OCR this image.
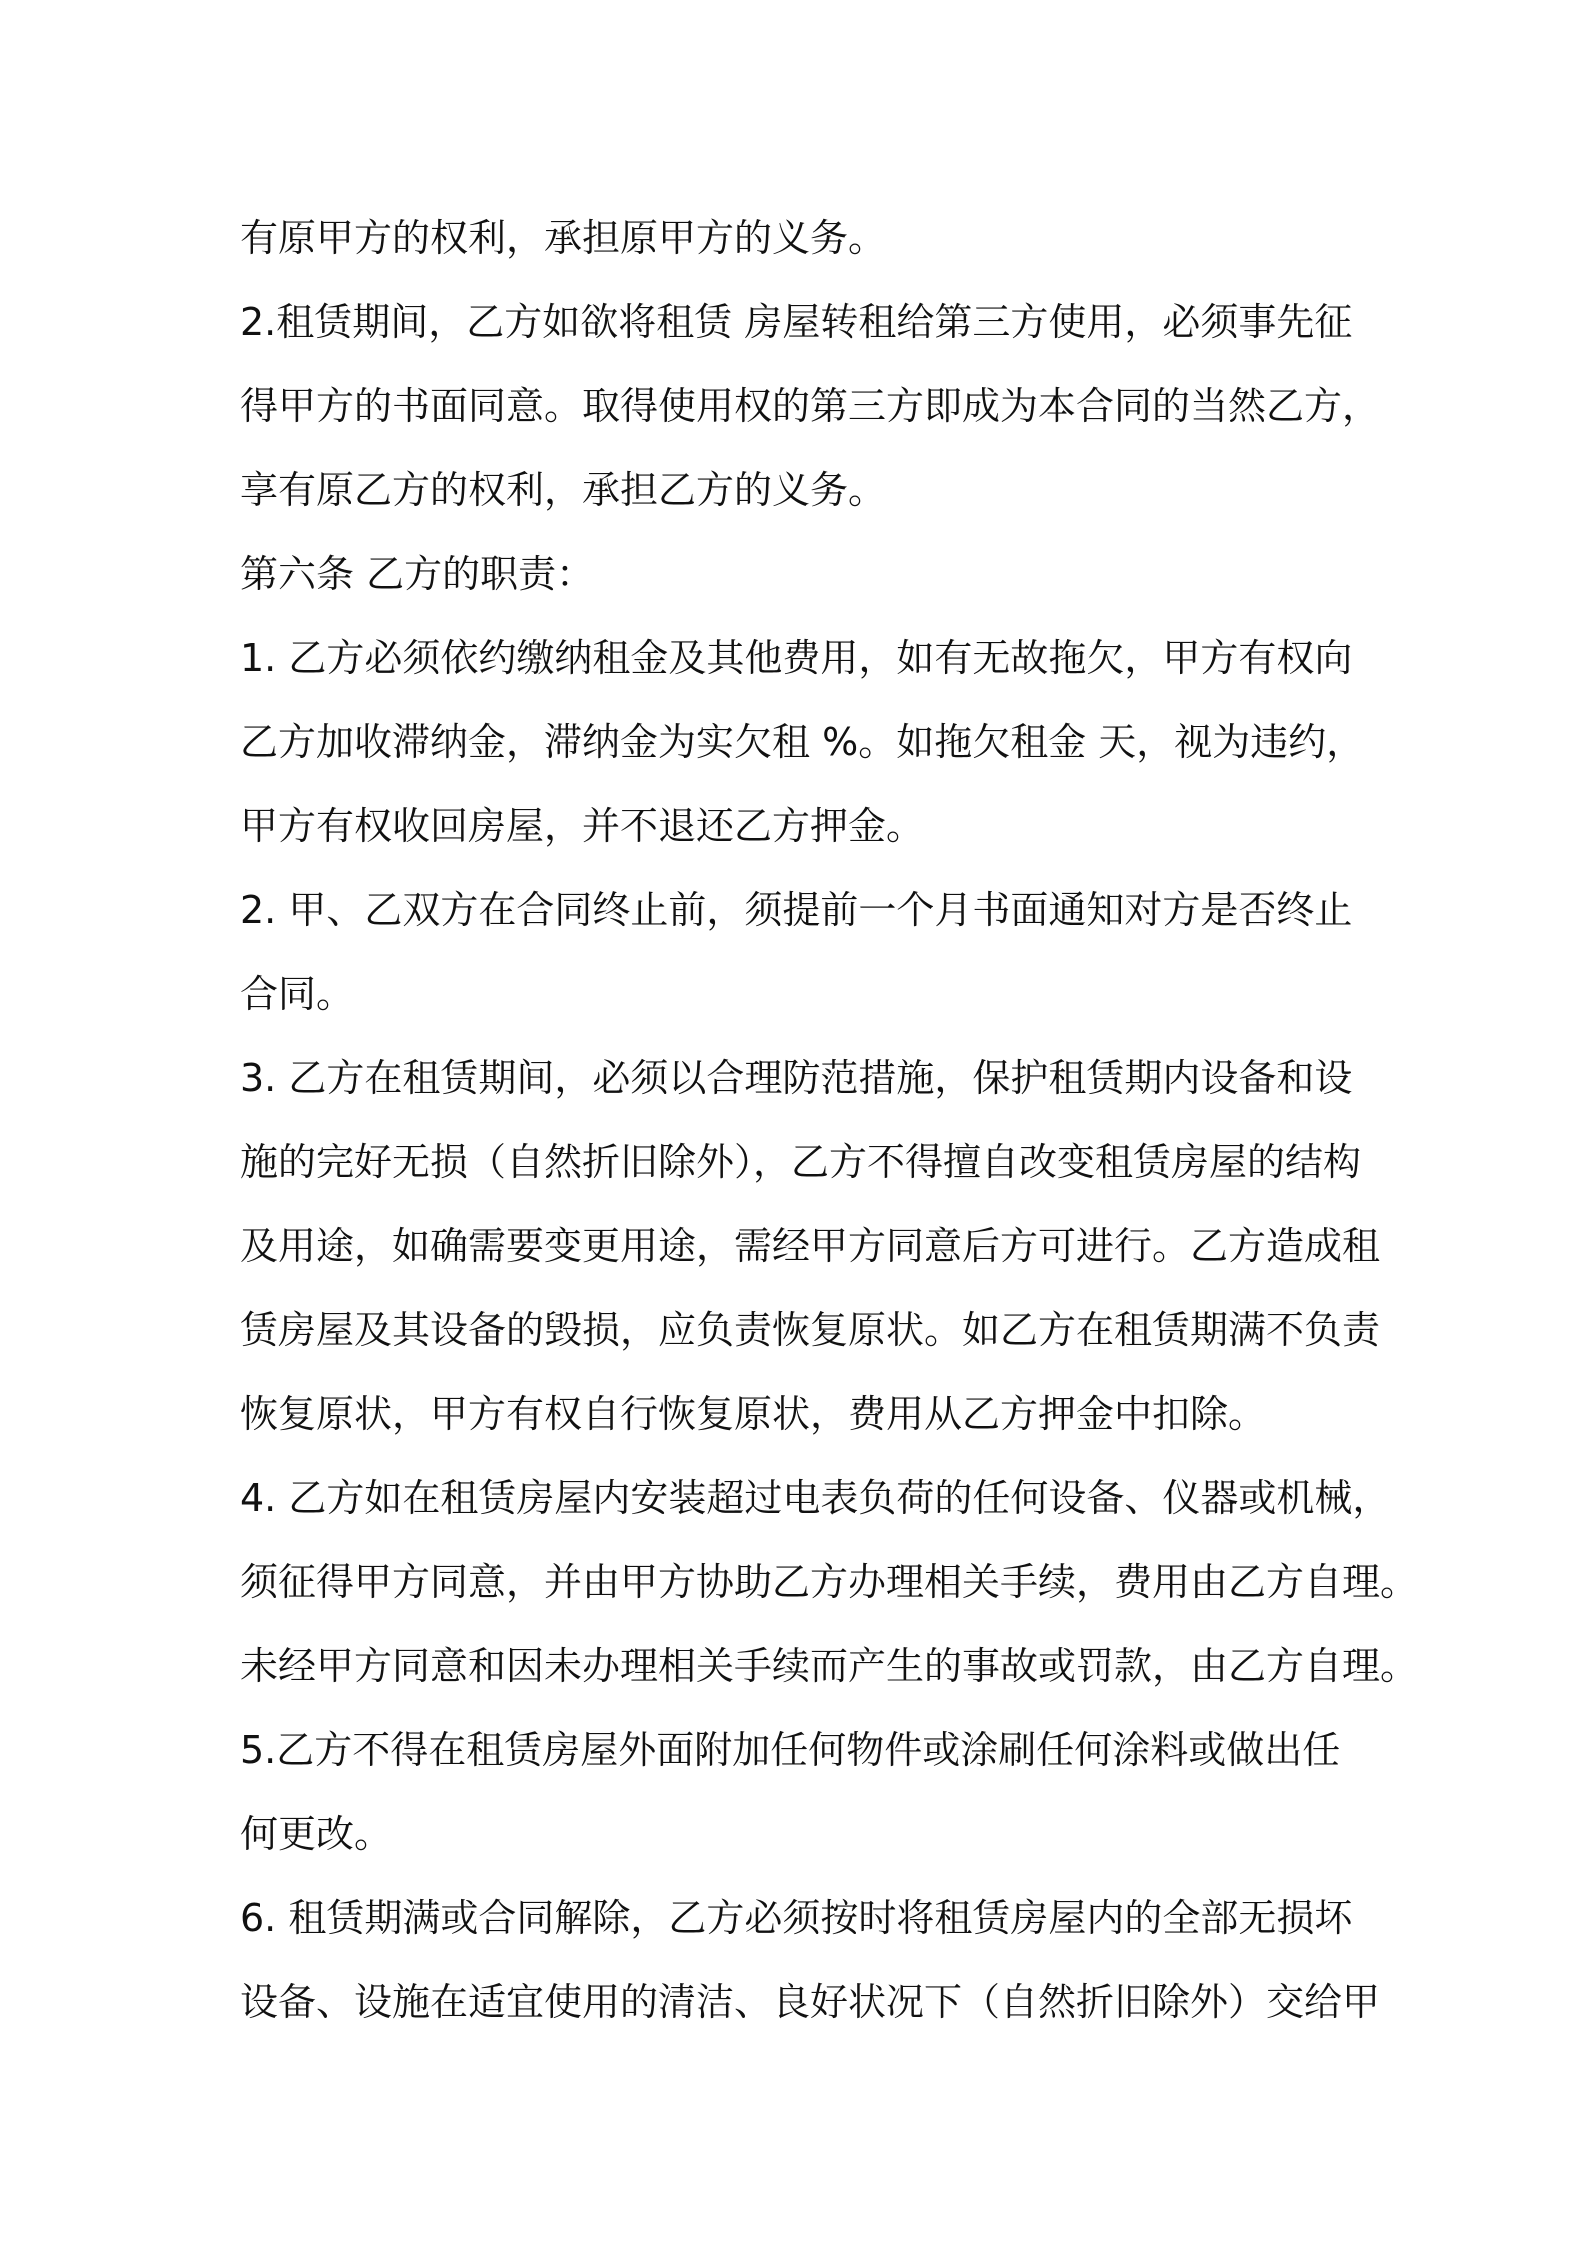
有原甲方的权利，承担原甲方的义务。
2.租赁期间，乙方如欲将租赁 房屋转租给第三方使用，必须事先征
得甲方的书面同意。取得使用权的第三方即成为本合同的当然乙方，
享有原乙方的权利，承担乙方的义务。
第六条 乙方的职责：
1. 乙方必须依约缴纳租金及其他费用，如有无故拖欠，甲方有权向
乙方加收滞纳金，滞纳金为实欠租 %。如拖欠租金 天，视为违约，
甲方有权收回房屋，并不退还乙方押金。
2. 甲、乙双方在合同终止前，须提前一个月书面通知对方是否终止
合同。
3. 乙方在租赁期间，必须以合理防范措施，保护租赁期内设备和设
施的完好无损（自然折旧除外），乙方不得擅自改变租赁房屋的结构
及用途，如确需要变更用途，需经甲方同意后方可进行。乙方造成租
赁房屋及其设备的毁损，应负责恢复原状。如乙方在租赁期满不负责
恢复原状，甲方有权自行恢复原状，费用从乙方押金中扣除。
4. 乙方如在租赁房屋内安装超过电表负荷的任何设备、仪器或机械，
须征得甲方同意，并由甲方协助乙方办理相关手续，费用由乙方自理。
未经甲方同意和因未办理相关手续而产生的事故或罚款，由乙方自理。
5.乙方不得在租赁房屋外面附加任何物件或涂刷任何涂料或做出任
何更改。
6. 租赁期满或合同解除，乙方必须按时将租赁房屋内的全部无损坏
设备、设施在适宜使用的清洁、良好状况下（自然折旧除外）交给甲
